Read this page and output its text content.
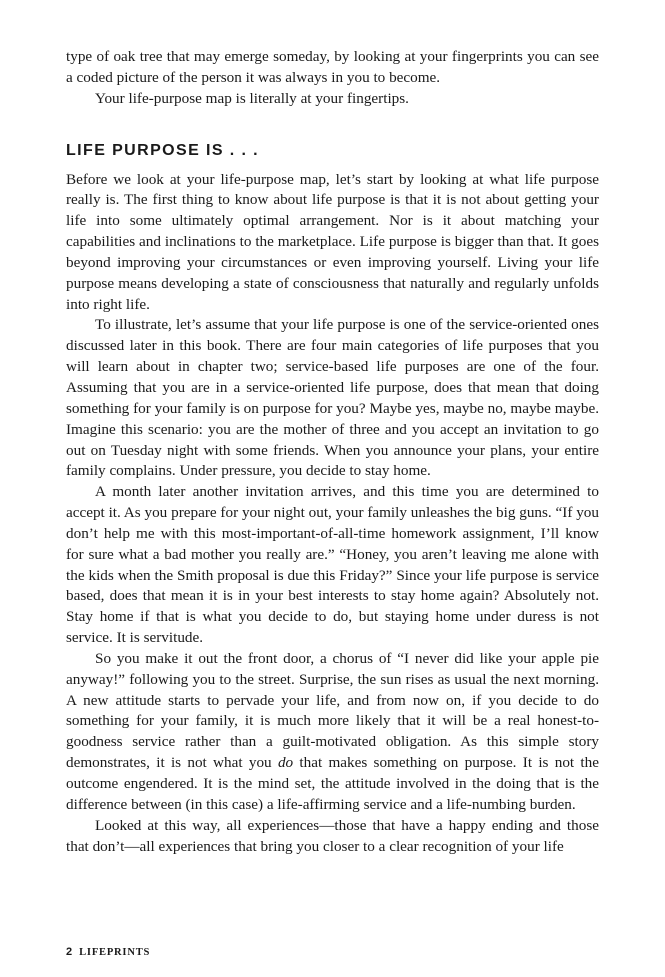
type of oak tree that may emerge someday, by looking at your fingerprints you can see a coded picture of the person it was always in you to become.

Your life-purpose map is literally at your fingertips.

LIFE PURPOSE IS . . .

Before we look at your life-purpose map, let’s start by looking at what life purpose really is. The first thing to know about life purpose is that it is not about getting your life into some ultimately optimal arrangement. Nor is it about matching your capabilities and inclinations to the marketplace. Life purpose is bigger than that. It goes beyond improving your circumstances or even improving yourself. Living your life purpose means developing a state of consciousness that naturally and regularly unfolds into right life.

To illustrate, let’s assume that your life purpose is one of the service-oriented ones discussed later in this book. There are four main categories of life purposes that you will learn about in chapter two; service-based life purposes are one of the four. Assuming that you are in a service-oriented life purpose, does that mean that doing something for your family is on purpose for you? Maybe yes, maybe no, maybe maybe. Imagine this scenario: you are the mother of three and you accept an invitation to go out on Tuesday night with some friends. When you announce your plans, your entire family complains. Under pressure, you decide to stay home.

A month later another invitation arrives, and this time you are determined to accept it. As you prepare for your night out, your family unleashes the big guns. “If you don’t help me with this most-important-of-all-time homework assignment, I’ll know for sure what a bad mother you really are.” “Honey, you aren’t leaving me alone with the kids when the Smith proposal is due this Friday?” Since your life purpose is service based, does that mean it is in your best interests to stay home again? Absolutely not. Stay home if that is what you decide to do, but staying home under duress is not service. It is servitude.

So you make it out the front door, a chorus of “I never did like your apple pie anyway!” following you to the street. Surprise, the sun rises as usual the next morning. A new attitude starts to pervade your life, and from now on, if you decide to do something for your family, it is much more likely that it will be a real honest-to-goodness service rather than a guilt-motivated obligation. As this simple story demonstrates, it is not what you do that makes something on purpose. It is not the outcome engendered. It is the mind set, the attitude involved in the doing that is the difference between (in this case) a life-affirming service and a life-numbing burden.

Looked at this way, all experiences—those that have a happy ending and those that don’t—all experiences that bring you closer to a clear recognition of your life

2 LIFEPRINTS
